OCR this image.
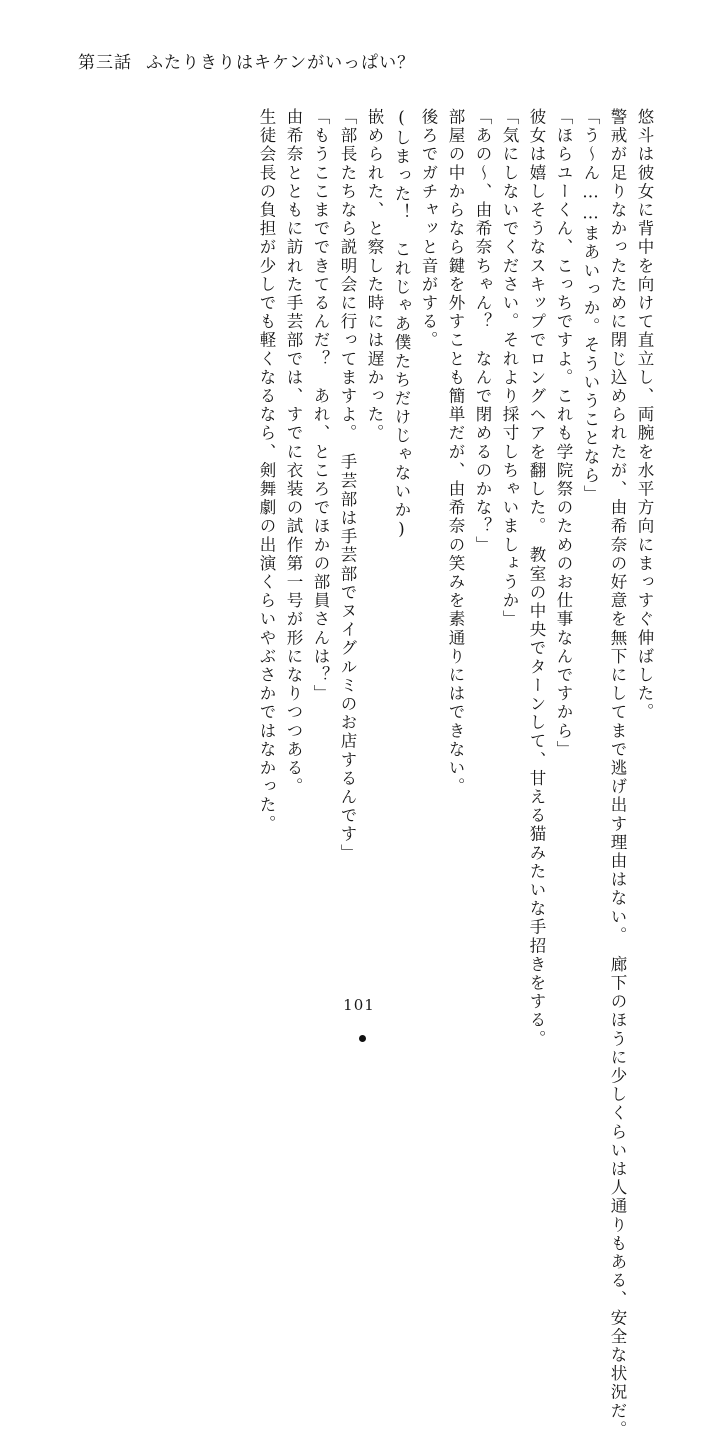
第三話 ふたりきりはキケンがいっぱい？
生徒会長の負担が少しでも軽くなるなら、剣舞劇の出演くらいやぶさかではなかった。 由希奈とともに訪れた手芸部では、すでに衣装の試作第一号が形になりつつある。 「もうここまでできてるんだ？　あれ、ところでほかの部員さんは？」 「部長たちなら説明会に行ってますよ。　手芸部は手芸部でヌイグルミのお店するんです」 嵌められた、と察した時には遅かった。 (しまった！　これじゃあ僕たちだけじゃないか) 後ろでガチャッと音がする。 部屋の中からなら鍵を外すことも簡単だが、由希奈の笑みを素通りにはできない。 「あの～、由希奈ちゃん？　なんで閉めるのかな？」 「気にしないでください。それより採寸しちゃいましょうか」 彼女は嬉しそうなスキップでロングヘアを翻した。　教室の中央でターンして、甘える猫みたいな手招きをする。 「ほらユーくん、こっちですよ。これも学院祭のためのお仕事なんですから」 「う～ん……まあいっか。そういうことなら」 警戒が足りなかったために閉じ込められたが、由希奈の好意を無下にしてまで逃げ出す理由はない。　廊下のほうに少しくらいは人通りもある、安全な状況だ。 悠斗は彼女に背中を向けて直立し、両腕を水平方向にまっすぐ伸ばした。
101
